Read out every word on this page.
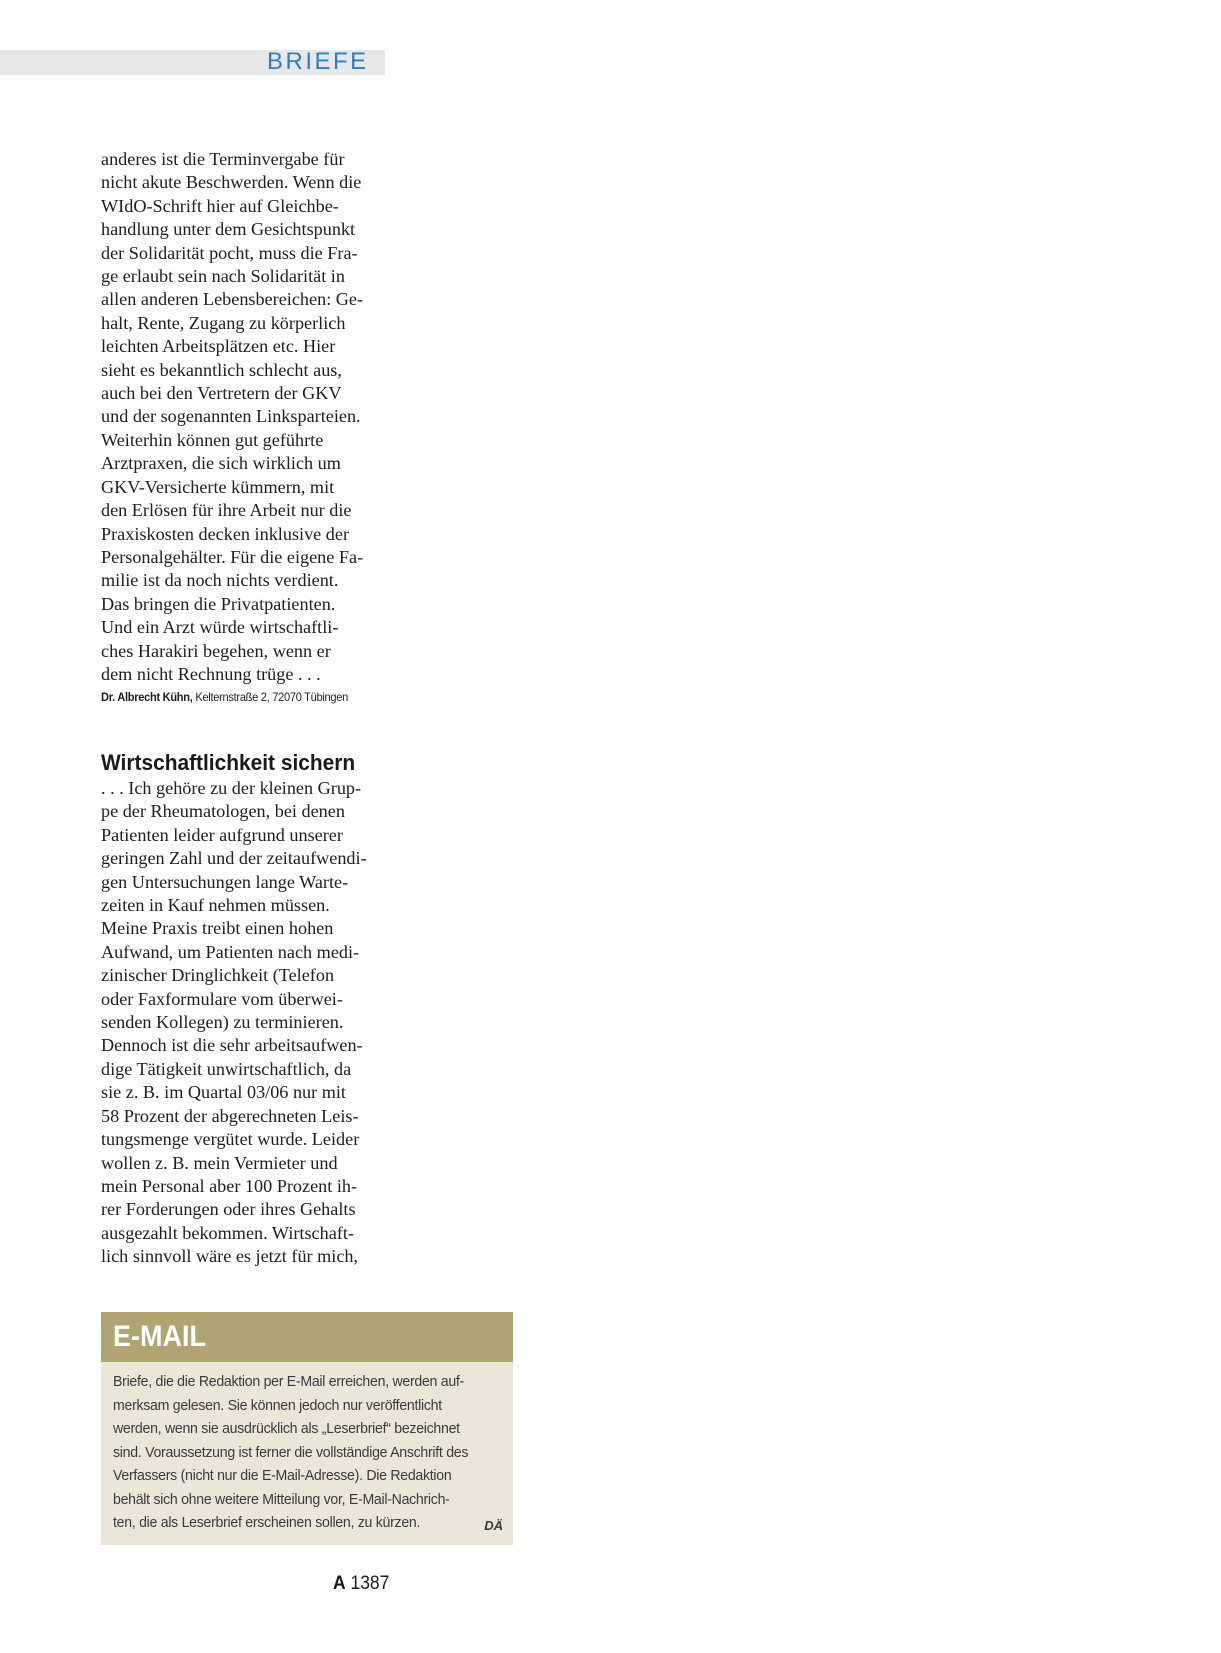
BRIEFE

anderes ist die Terminvergabe für
nicht akute Beschwerden. Wenn die
WIdO-Schrift hier auf Gleichbe-
handlung unter dem Gesichtspunkt
der Solidarität pocht, muss die Fra-
ge erlaubt sein nach Solidarität in
allen anderen Lebensbereichen: Ge-
halt, Rente, Zugang zu körperlich
leichten Arbeitsplätzen etc. Hier
sieht es bekanntlich schlecht aus,
auch bei den Vertretern der GKV
und der sogenannten Linksparteien.
Weiterhin können gut geführte
Arztpraxen, die sich wirklich um
GKV-Versicherte kümmern, mit
den Erlösen für ihre Arbeit nur die
Praxiskosten decken inklusive der
Personalgehälter. Für die eigene Fa-
milie ist da noch nichts verdient.
Das bringen die Privatpatienten.
Und ein Arzt würde wirtschaftli-
ches Harakiri begehen, wenn er
dem nicht Rechnung trüge . . .

Dr. Albrecht Kühn, Kelternstraße 2, 72070 Tübingen
Wirtschaftlichkeit sichern

. . . Ich gehöre zu der kleinen Grup-
pe der Rheumatologen, bei denen
Patienten leider aufgrund unserer
geringen Zahl und der zeitaufwendi-
gen Untersuchungen lange Warte-
zeiten in Kauf nehmen müssen.
Meine Praxis treibt einen hohen
Aufwand, um Patienten nach medi-
zinischer Dringlichkeit (Telefon
oder Faxformulare vom überwei-
senden Kollegen) zu terminieren.
Dennoch ist die sehr arbeitsaufwen-
dige Tätigkeit unwirtschaftlich, da
sie z. B. im Quartal 03/06 nur mit
58 Prozent der abgerechneten Leis-
tungsmenge vergütet wurde. Leider
wollen z. B. mein Vermieter und
mein Personal aber 100 Prozent ih-
rer Forderungen oder ihres Gehalts
ausgezahlt bekommen. Wirtschaft-
lich sinnvoll wäre es jetzt für mich,

E-MAIL

Briefe, die die Redaktion per E-Mail erreichen, werden auf-
merksam gelesen. Sie können jedoch nur veröffentlicht
werden, wenn sie ausdrücklich als „Leserbrief“ bezeichnet
sind. Voraussetzung ist ferner die vollständige Anschrift des
Verfassers (nicht nur die E-Mail-Adresse). Die Redaktion
behält sich ohne weitere Mitteilung vor, E-Mail-Nachrich-
ten, die als Leserbrief erscheinen sollen, zu kürzen.	DÄ
A 1387
